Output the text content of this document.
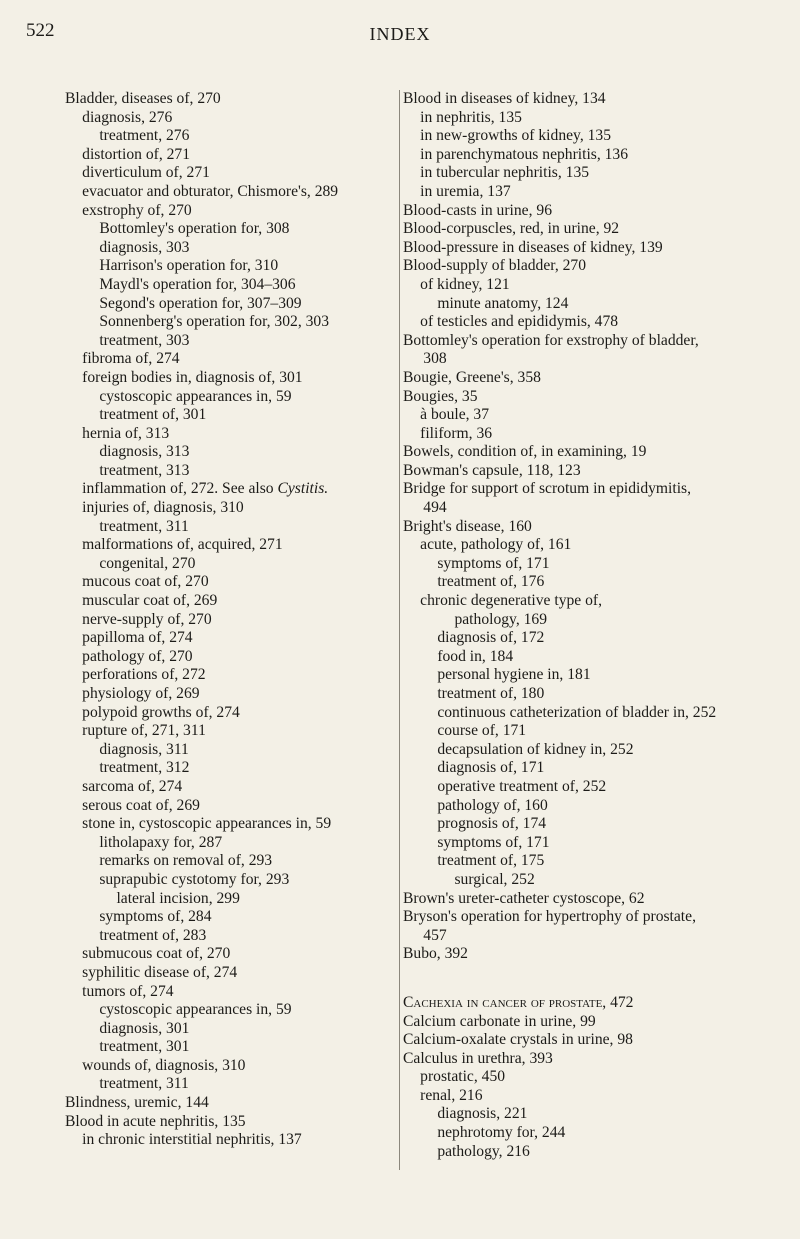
522	INDEX
Bladder, diseases of, 270
diagnosis, 276
treatment, 276
distortion of, 271
diverticulum of, 271
evacuator and obturator, Chismore's, 289
exstrophy of, 270
Bottomley's operation for, 308
diagnosis, 303
Harrison's operation for, 310
Maydl's operation for, 304–306
Segond's operation for, 307–309
Sonnenberg's operation for, 302, 303
treatment, 303
fibroma of, 274
foreign bodies in, diagnosis of, 301
cystoscopic appearances in, 59
treatment of, 301
hernia of, 313
diagnosis, 313
treatment, 313
inflammation of, 272. See also Cystitis.
injuries of, diagnosis, 310
treatment, 311
malformations of, acquired, 271
congenital, 270
mucous coat of, 270
muscular coat of, 269
nerve-supply of, 270
papilloma of, 274
pathology of, 270
perforations of, 272
physiology of, 269
polypoid growths of, 274
rupture of, 271, 311
diagnosis, 311
treatment, 312
sarcoma of, 274
serous coat of, 269
stone in, cystoscopic appearances in, 59
litholapaxy for, 287
remarks on removal of, 293
suprapubic cystotomy for, 293
lateral incision, 299
symptoms of, 284
treatment of, 283
submucous coat of, 270
syphilitic disease of, 274
tumors of, 274
cystoscopic appearances in, 59
diagnosis, 301
treatment, 301
wounds of, diagnosis, 310
treatment, 311
Blindness, uremic, 144
Blood in acute nephritis, 135
in chronic interstitial nephritis, 137
Blood in diseases of kidney, 134
in nephritis, 135
in new-growths of kidney, 135
in parenchymatous nephritis, 136
in tubercular nephritis, 135
in uremia, 137
Blood-casts in urine, 96
Blood-corpuscles, red, in urine, 92
Blood-pressure in diseases of kidney, 139
Blood-supply of bladder, 270
of kidney, 121
minute anatomy, 124
of testicles and epididymis, 478
Bottomley's operation for exstrophy of bladder, 308
Bougie, Greene's, 358
Bougies, 35
à boule, 37
filiform, 36
Bowels, condition of, in examining, 19
Bowman's capsule, 118, 123
Bridge for support of scrotum in epididymitis, 494
Bright's disease, 160
acute, pathology of, 161
symptoms of, 171
treatment of, 176
chronic degenerative type of,
pathology, 169
diagnosis of, 172
food in, 184
personal hygiene in, 181
treatment of, 180
continuous catheterization of bladder in, 252
course of, 171
decapsulation of kidney in, 252
diagnosis of, 171
operative treatment of, 252
pathology of, 160
prognosis of, 174
symptoms of, 171
treatment of, 175
surgical, 252
Brown's ureter-catheter cystoscope, 62
Bryson's operation for hypertrophy of prostate, 457
Bubo, 392
Cachexia in cancer of prostate, 472
Calcium carbonate in urine, 99
Calcium-oxalate crystals in urine, 98
Calculus in urethra, 393
prostatic, 450
renal, 216
diagnosis, 221
nephrotomy for, 244
pathology, 216
